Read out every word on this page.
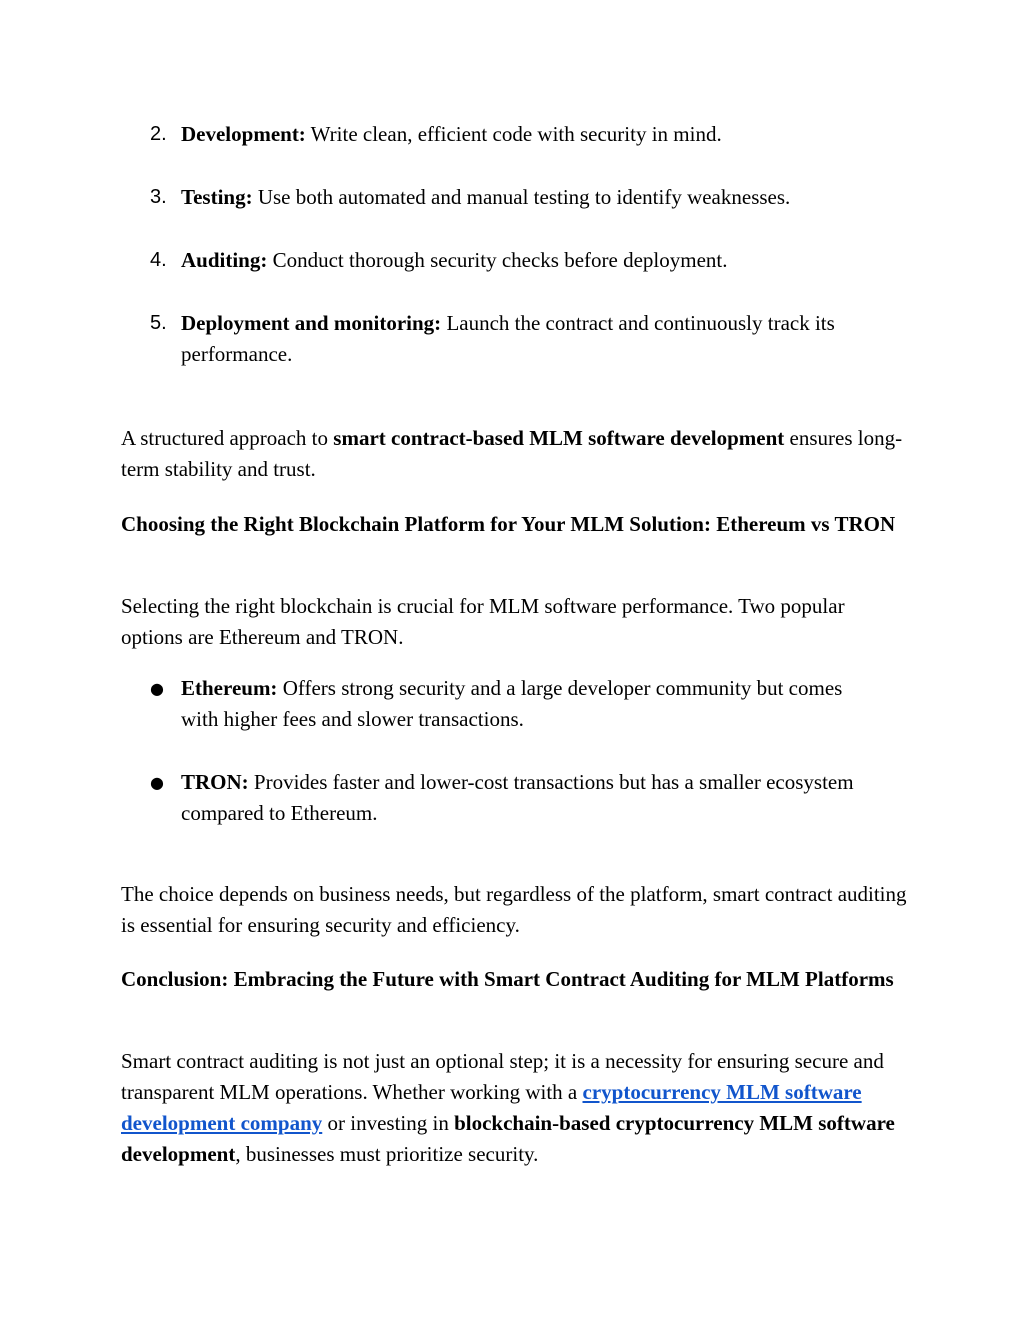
2. Development: Write clean, efficient code with security in mind.
3. Testing: Use both automated and manual testing to identify weaknesses.
4. Auditing: Conduct thorough security checks before deployment.
5. Deployment and monitoring: Launch the contract and continuously track its performance.

A structured approach to smart contract-based MLM software development ensures long-term stability and trust.

Choosing the Right Blockchain Platform for Your MLM Solution: Ethereum vs TRON

Selecting the right blockchain is crucial for MLM software performance. Two popular options are Ethereum and TRON.

● Ethereum: Offers strong security and a large developer community but comes with higher fees and slower transactions.
● TRON: Provides faster and lower-cost transactions but has a smaller ecosystem compared to Ethereum.

The choice depends on business needs, but regardless of the platform, smart contract auditing is essential for ensuring security and efficiency.

Conclusion: Embracing the Future with Smart Contract Auditing for MLM Platforms

Smart contract auditing is not just an optional step; it is a necessity for ensuring secure and transparent MLM operations. Whether working with a cryptocurrency MLM software development company or investing in blockchain-based cryptocurrency MLM software development, businesses must prioritize security.
